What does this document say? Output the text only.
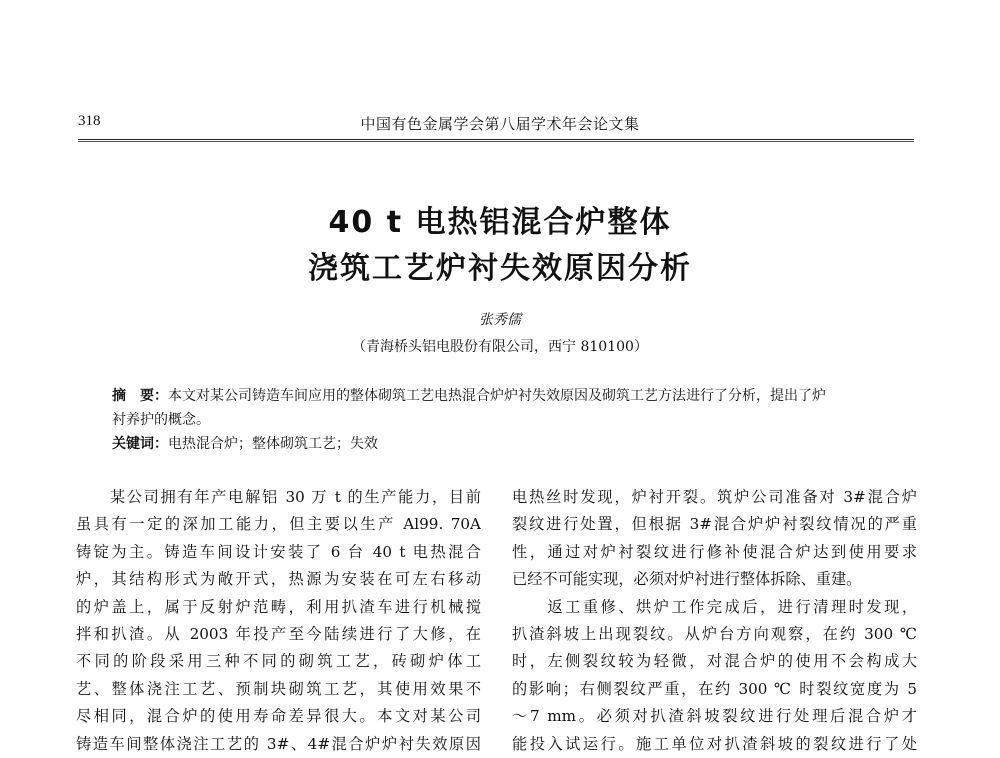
318	中国有色金属学会第八届学术年会论文集
40 t 电热铝混合炉整体
浇筑工艺炉衬失效原因分析
张秀儒
（青海桥头铝电股份有限公司，西宁 810100）
摘　要：本文对某公司铸造车间应用的整体砌筑工艺电热混合炉炉衬失效原因及砌筑工艺方法进行了分析，提出了炉
衬养护的概念。
关键词：电热混合炉；整体砌筑工艺；失效
　　某公司拥有年产电解铝 30 万 t 的生产能力，目前
虽具有一定的深加工能力，但主要以生产 Al99. 70A
铸锭为主。铸造车间设计安装了 6 台 40 t 电热混合
炉，其结构形式为敞开式，热源为安装在可左右移动
的炉盖上，属于反射炉范畴，利用扒渣车进行机械搅
拌和扒渣。从 2003 年投产至今陆续进行了大修，在
不同的阶段采用三种不同的砌筑工艺，砖砌炉体工
艺、整体浇注工艺、预制块砌筑工艺，其使用效果不
尽相同，混合炉的使用寿命差异很大。本文对某公司
铸造车间整体浇注工艺的 3#、4#混合炉炉衬失效原因
电热丝时发现，炉衬开裂。筑炉公司准备对 3#混合炉
裂纹进行处置，但根据 3#混合炉炉衬裂纹情况的严重
性，通过对炉衬裂纹进行修补使混合炉达到使用要求
已经不可能实现，必须对炉衬进行整体拆除、重建。
　　返工重修、烘炉工作完成后，进行清理时发现，
扒渣斜坡上出现裂纹。从炉台方向观察，在约 300 ℃
时，左侧裂纹较为轻微，对混合炉的使用不会构成大
的影响；右侧裂纹严重，在约 300 ℃ 时裂纹宽度为 5
～7 mm。必须对扒渣斜坡裂纹进行处理后混合炉才
能投入试运行。施工单位对扒渣斜坡的裂纹进行了处
